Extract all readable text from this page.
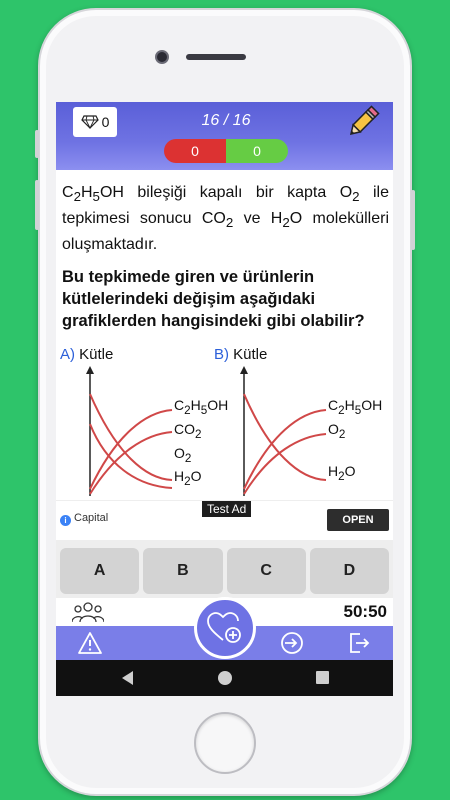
0	16 / 16
0	0
$C_2H_5OH$ bileşiği kapalı bir kapta $O_2$ ile tepkimesi sonucu $CO_2$ ve $H_2O$ molekülleri oluşmaktadır.
Bu tepkimede giren ve ürünlerin kütlelerindeki değişim aşağıdaki grafiklerden hangisindeki gibi olabilir?
A) Kütle
$C_2H_5OH$
$CO_2$
$O_2$
$H_2O$
B) Kütle
$C_2H_5OH$
$O_2$
$H_2O$
Test Ad
i Capital	OPEN
A	B	C	D
50:50
